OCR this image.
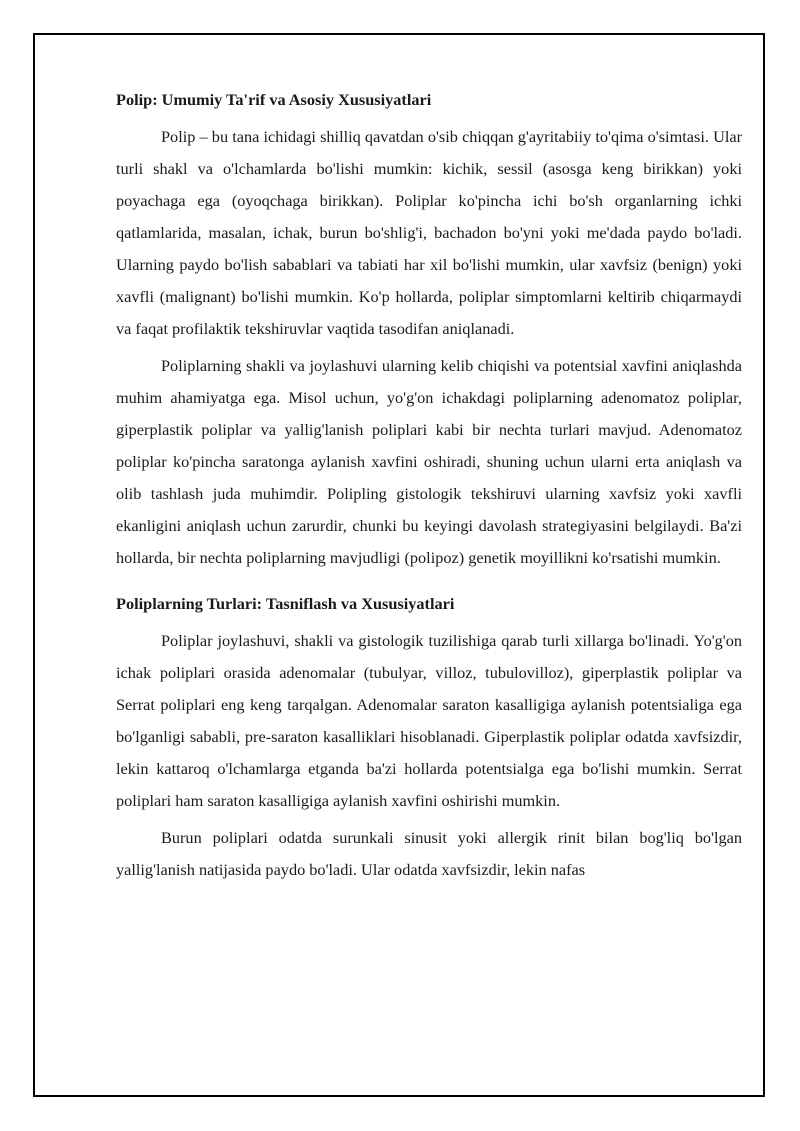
Polip: Umumiy Ta'rif va Asosiy Xususiyatlari

Polip – bu tana ichidagi shilliq qavatdan o'sib chiqqan g'ayritabiiy to'qima o'simtasi. Ular turli shakl va o'lchamlarda bo'lishi mumkin: kichik, sessil (asosga keng birikkan) yoki poyachaga ega (oyoqchaga birikkan). Poliplar ko'pincha ichi bo'sh organlarning ichki qatlamlarida, masalan, ichak, burun bo'shlig'i, bachadon bo'yni yoki me'dada paydo bo'ladi. Ularning paydo bo'lish sabablari va tabiati har xil bo'lishi mumkin, ular xavfsiz (benign) yoki xavfli (malignant) bo'lishi mumkin. Ko'p hollarda, poliplar simptomlarni keltirib chiqarmaydi va faqat profilaktik tekshiruvlar vaqtida tasodifan aniqlanadi.

Poliplarning shakli va joylashuvi ularning kelib chiqishi va potentsial xavfini aniqlashda muhim ahamiyatga ega. Misol uchun, yo'g'on ichakdagi poliplarning adenomatoz poliplar, giperplastik poliplar va yallig'lanish poliplari kabi bir nechta turlari mavjud. Adenomatoz poliplar ko'pincha saratonga aylanish xavfini oshiradi, shuning uchun ularni erta aniqlash va olib tashlash juda muhimdir. Polipling gistologik tekshiruvi ularning xavfsiz yoki xavfli ekanligini aniqlash uchun zarurdir, chunki bu keyingi davolash strategiyasini belgilaydi. Ba'zi hollarda, bir nechta poliplarning mavjudligi (polipoz) genetik moyillikni ko'rsatishi mumkin.

Poliplarning Turlari: Tasniflash va Xususiyatlari

Poliplar joylashuvi, shakli va gistologik tuzilishiga qarab turli xillarga bo'linadi. Yo'g'on ichak poliplari orasida adenomalar (tubulyar, villoz, tubulovilloz), giperplastik poliplar va Serrat poliplari eng keng tarqalgan. Adenomalar saraton kasalligiga aylanish potentsialiga ega bo'lganligi sababli, pre-saraton kasalliklari hisoblanadi. Giperplastik poliplar odatda xavfsizdir, lekin kattaroq o'lchamlarga etganda ba'zi hollarda potentsialga ega bo'lishi mumkin. Serrat poliplari ham saraton kasalligiga aylanish xavfini oshirishi mumkin.

Burun poliplari odatda surunkali sinusit yoki allergik rinit bilan bog'liq bo'lgan yallig'lanish natijasida paydo bo'ladi. Ular odatda xavfsizdir, lekin nafas
